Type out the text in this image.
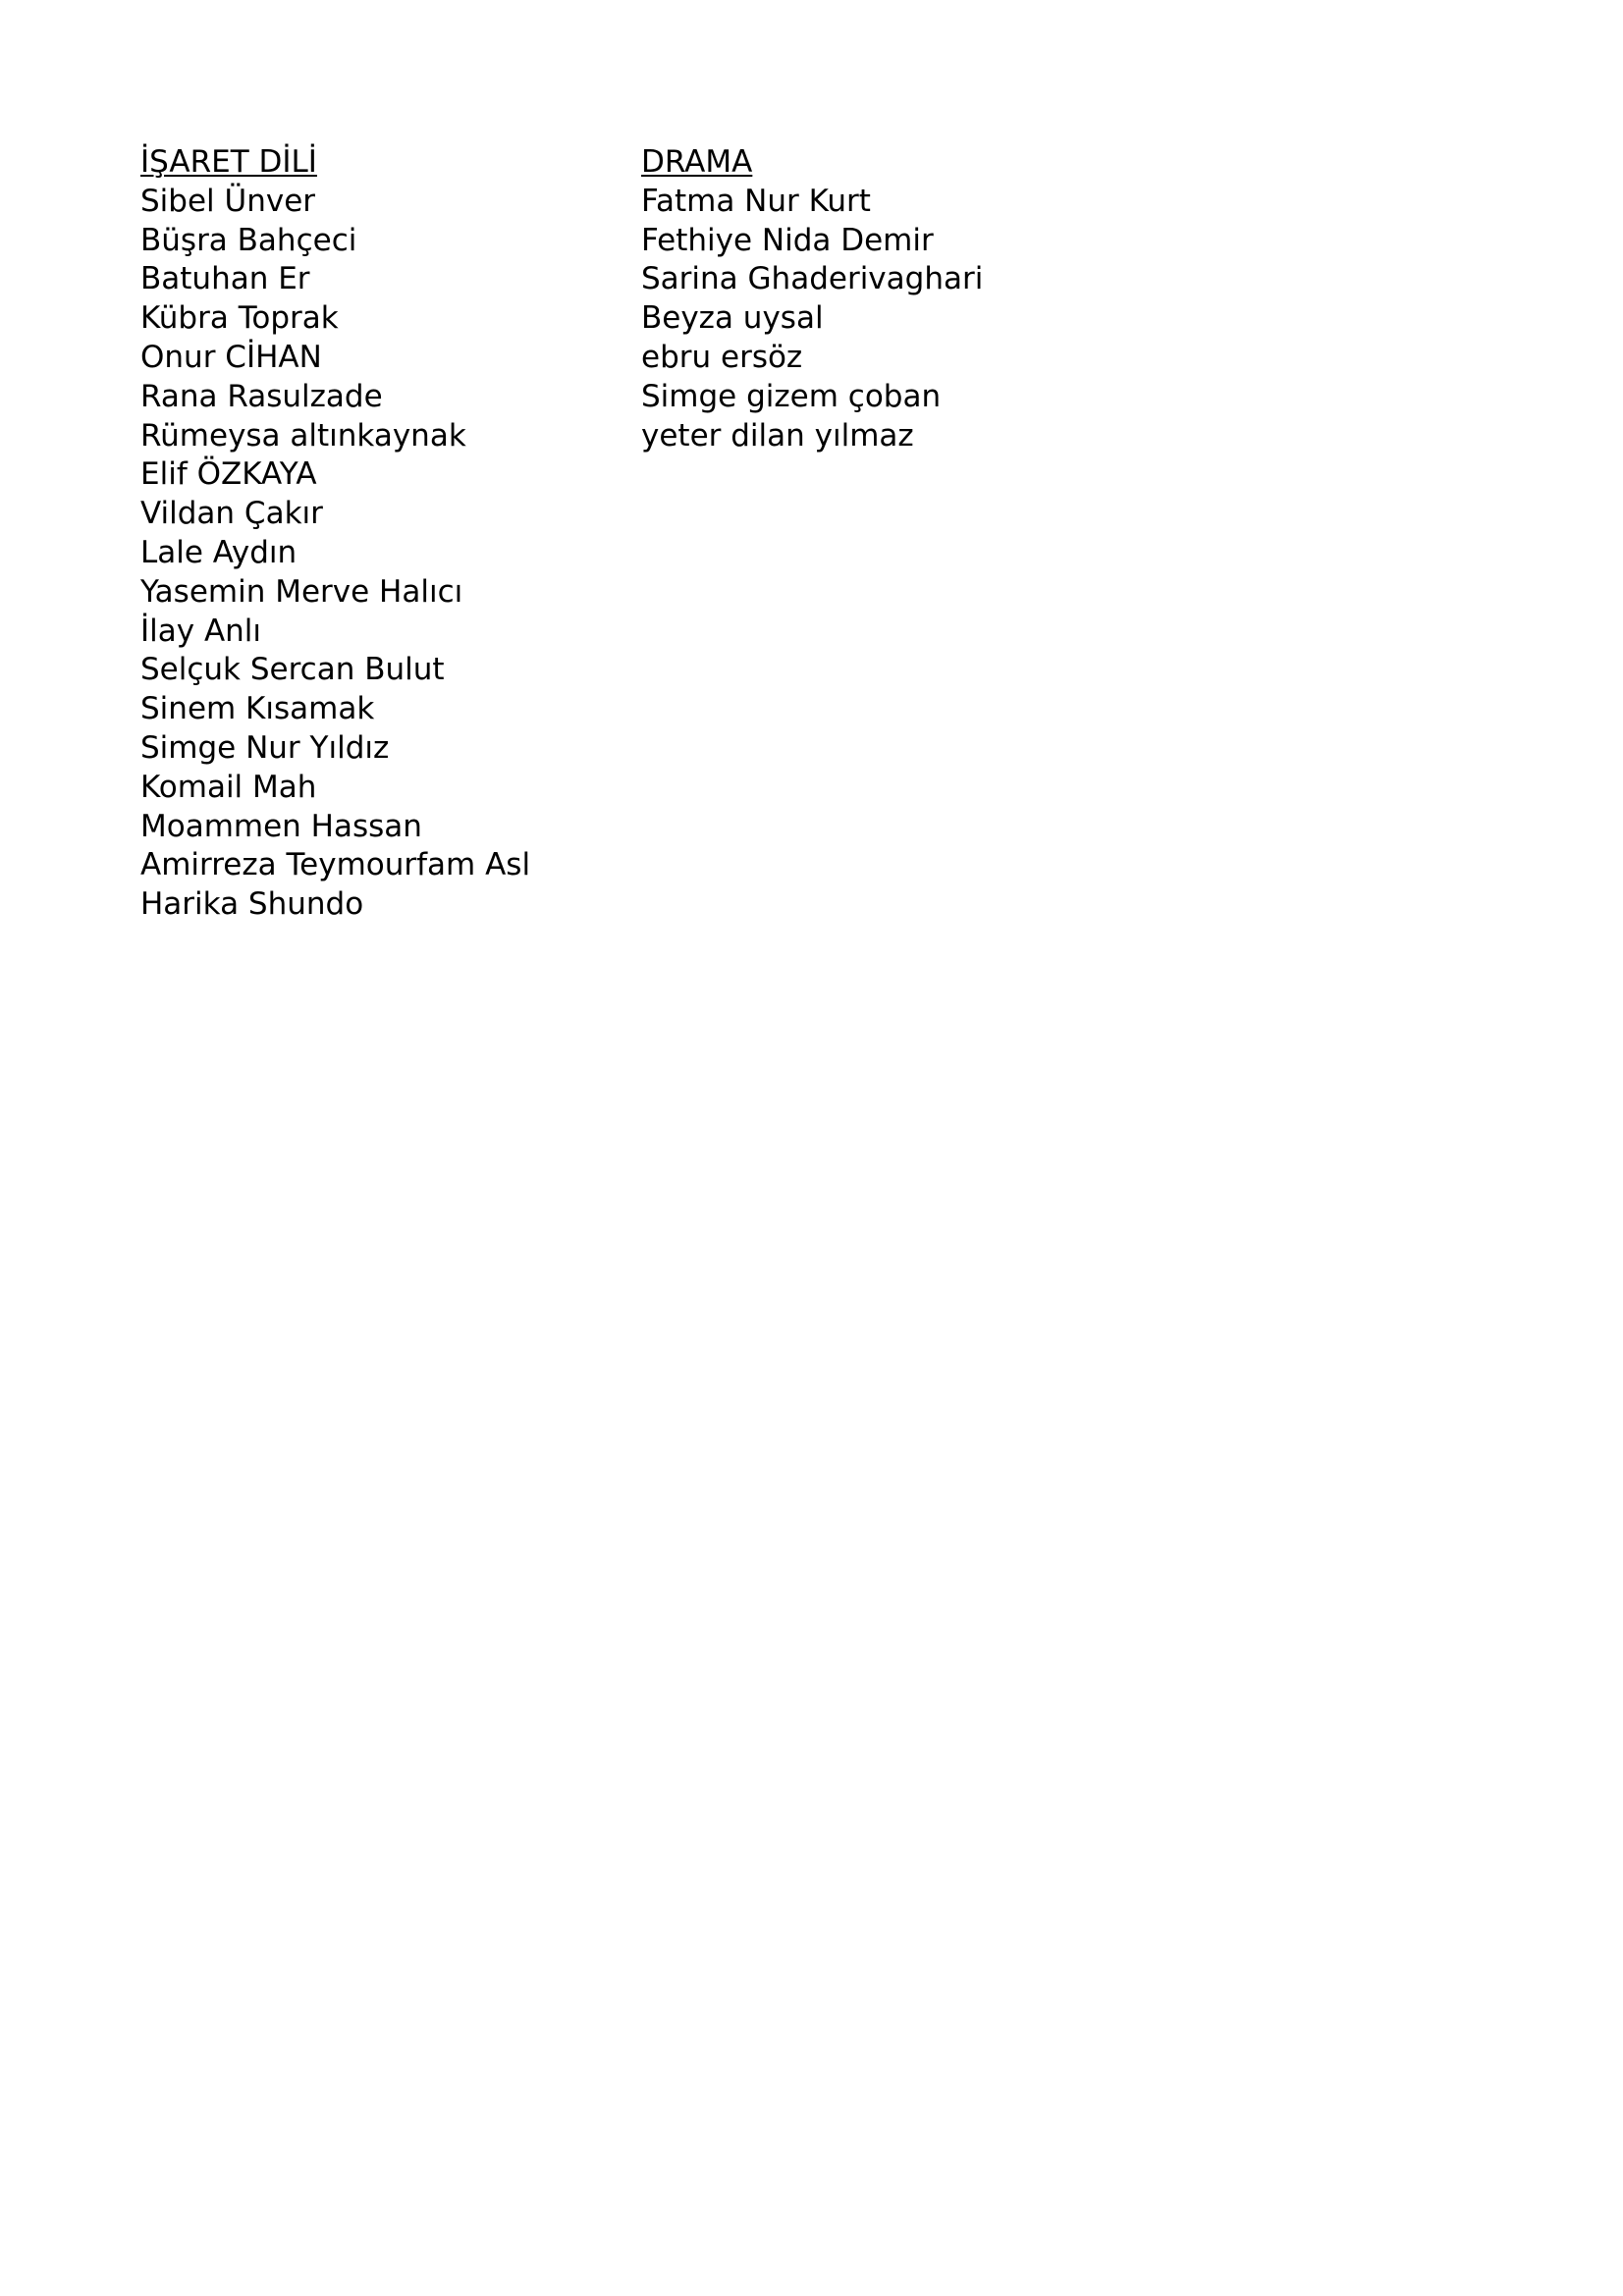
İŞARET DİLİ
Sibel Ünver
Büşra Bahçeci
Batuhan Er
Kübra Toprak
Onur CİHAN
Rana Rasulzade
Rümeysa altınkaynak
Elif ÖZKAYA
Vildan Çakır
Lale Aydın
Yasemin Merve Halıcı
İlay Anlı
Selçuk Sercan Bulut
Sinem Kısamak
Simge Nur Yıldız
Komail Mah
Moammen Hassan
Amirreza Teymourfam Asl
Harika Shundo
DRAMA
Fatma Nur Kurt
Fethiye Nida Demir
Sarina Ghaderivaghari
Beyza uysal
ebru ersöz
Simge gizem çoban
yeter dilan yılmaz
